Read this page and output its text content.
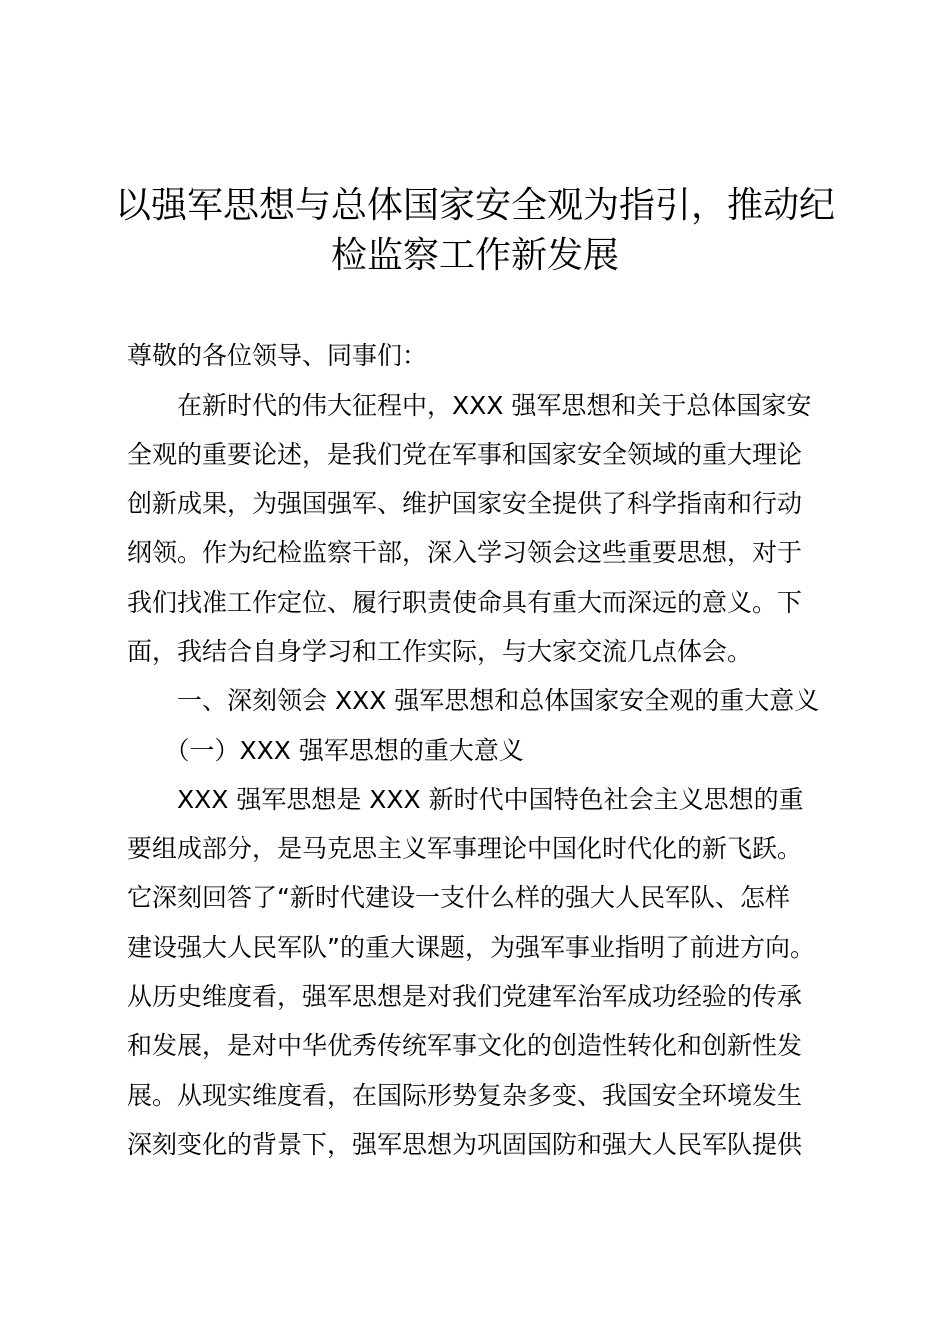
以强军思想与总体国家安全观为指引，推动纪
检监察工作新发展

尊敬的各位领导、同事们：

　　在新时代的伟大征程中，XXX 强军思想和关于总体国家安

全观的重要论述，是我们党在军事和国家安全领域的重大理论

创新成果，为强国强军、维护国家安全提供了科学指南和行动

纲领。作为纪检监察干部，深入学习领会这些重要思想，对于

我们找准工作定位、履行职责使命具有重大而深远的意义。下

面，我结合自身学习和工作实际，与大家交流几点体会。

　　一、深刻领会 XXX 强军思想和总体国家安全观的重大意义

　　（一）XXX 强军思想的重大意义

　　XXX 强军思想是 XXX 新时代中国特色社会主义思想的重

要组成部分，是马克思主义军事理论中国化时代化的新飞跃。

它深刻回答了“新时代建设一支什么样的强大人民军队、怎样

建设强大人民军队”的重大课题，为强军事业指明了前进方向。

从历史维度看，强军思想是对我们党建军治军成功经验的传承

和发展，是对中华优秀传统军事文化的创造性转化和创新性发

展。从现实维度看，在国际形势复杂多变、我国安全环境发生

深刻变化的背景下，强军思想为巩固国防和强大人民军队提供
